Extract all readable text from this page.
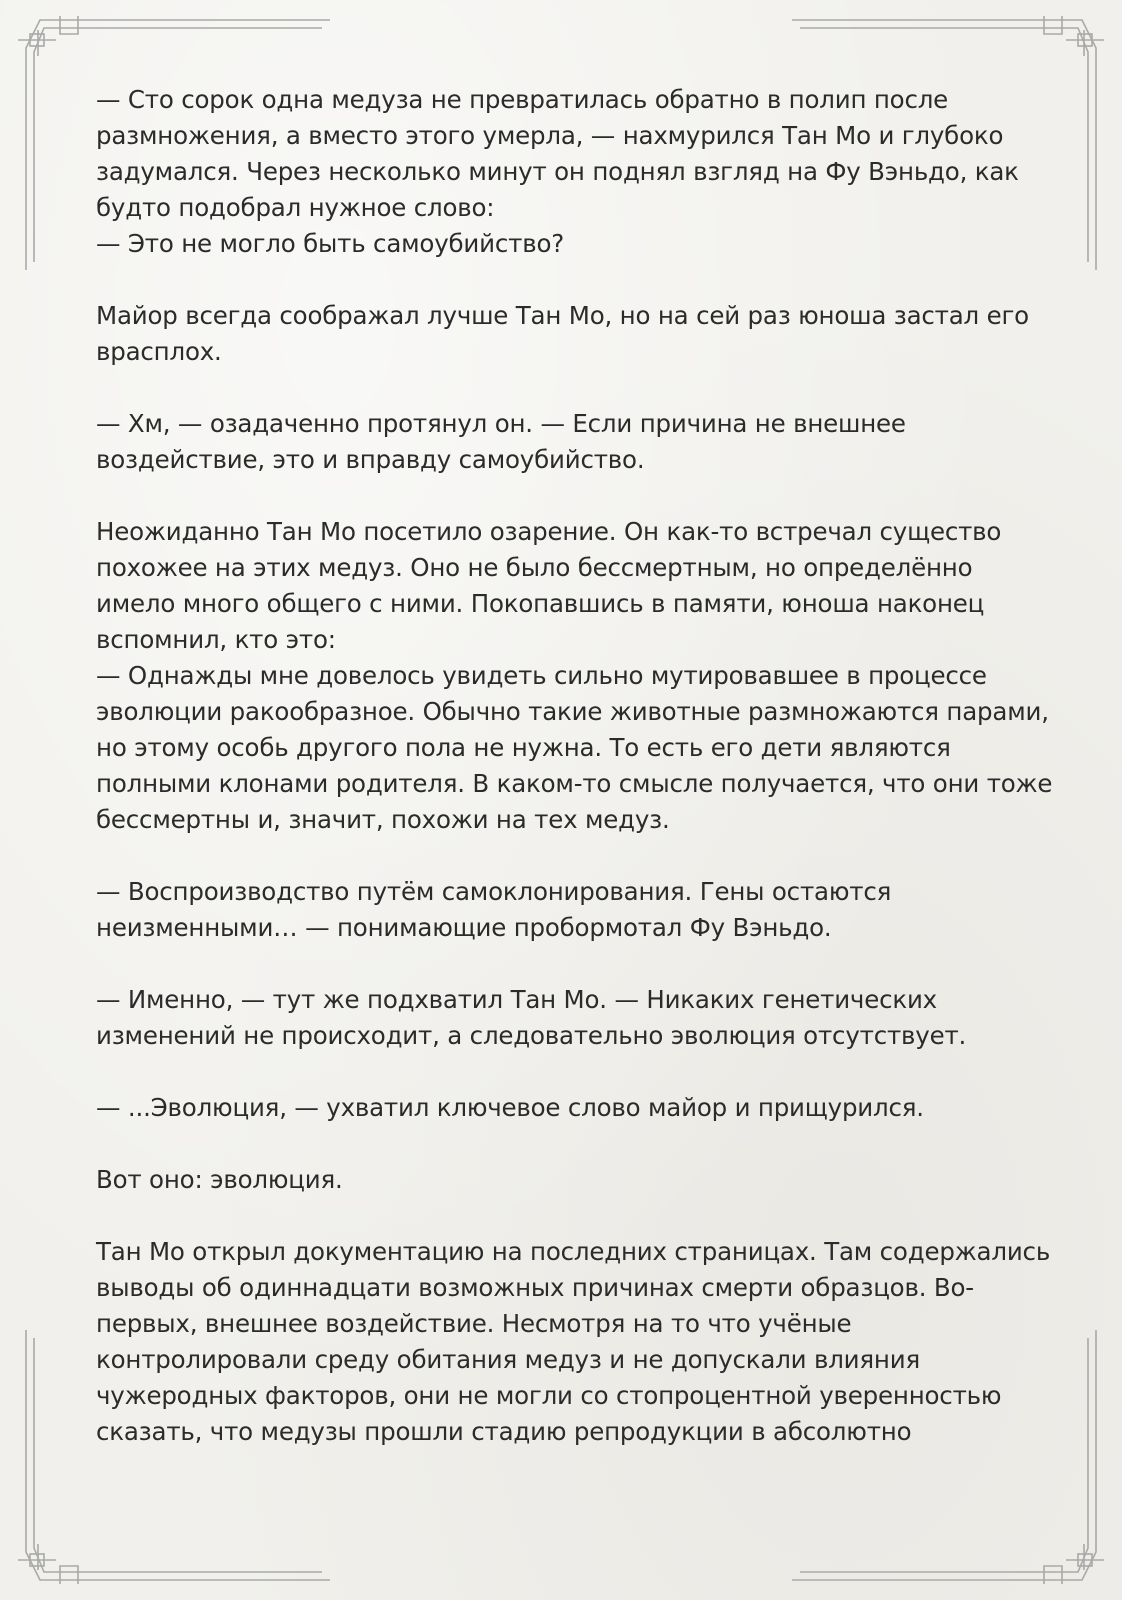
— Сто сорок одна медуза не превратилась обратно в полип после
размножения, а вместо этого умерла, — нахмурился Тан Мо и глубоко
задумался. Через несколько минут он поднял взгляд на Фу Вэньдо, как
будто подобрал нужное слово:
— Это не могло быть самоубийство?
Майор всегда соображал лучше Тан Мо, но на сей раз юноша застал его
врасплох.
— Хм, — озадаченно протянул он. — Если причина не внешнее
воздействие, это и вправду самоубийство.
Неожиданно Тан Мо посетило озарение. Он как-то встречал существо
похожее на этих медуз. Оно не было бессмертным, но определённо
имело много общего с ними. Покопавшись в памяти, юноша наконец
вспомнил, кто это:
— Однажды мне довелось увидеть сильно мутировавшее в процессе
эволюции ракообразное. Обычно такие животные размножаются парами,
но этому особь другого пола не нужна. То есть его дети являются
полными клонами родителя. В каком-то смысле получается, что они тоже
бессмертны и, значит, похожи на тех медуз.
— Воспроизводство путём самоклонирования. Гены остаются
неизменными… — понимающие пробормотал Фу Вэньдо.
— Именно, — тут же подхватил Тан Мо. — Никаких генетических
изменений не происходит, а следовательно эволюция отсутствует.
— ...Эволюция, — ухватил ключевое слово майор и прищурился.
Вот оно: эволюция.
Тан Мо открыл документацию на последних страницах. Там содержались
выводы об одиннадцати возможных причинах смерти образцов. Во-
первых, внешнее воздействие. Несмотря на то что учёные
контролировали среду обитания медуз и не допускали влияния
чужеродных факторов, они не могли со стопроцентной уверенностью
сказать, что медузы прошли стадию репродукции в абсолютно
